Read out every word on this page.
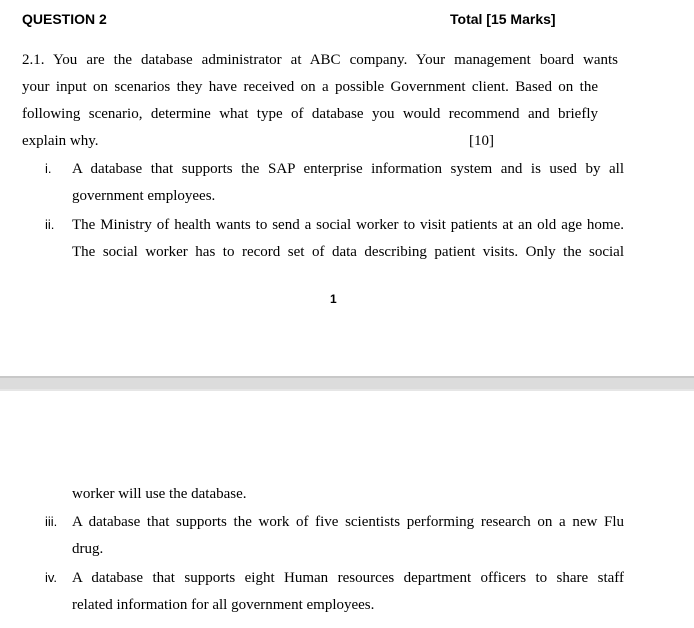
QUESTION 2	Total [15 Marks]
2.1. You are the database administrator at ABC company. Your management board wants
your input on scenarios they have received on a possible Government client. Based on the
following scenario, determine what type of database you would recommend and briefly
explain why.	[10]
i. A database that supports the SAP enterprise information system and is used by all
government employees.
ii. The Ministry of health wants to send a social worker to visit patients at an old age home.
The social worker has to record set of data describing patient visits. Only the social
1
worker will use the database.
iii. A database that supports the work of five scientists performing research on a new Flu
drug.
iv. A database that supports eight Human resources department officers to share staff
related information for all government employees.
